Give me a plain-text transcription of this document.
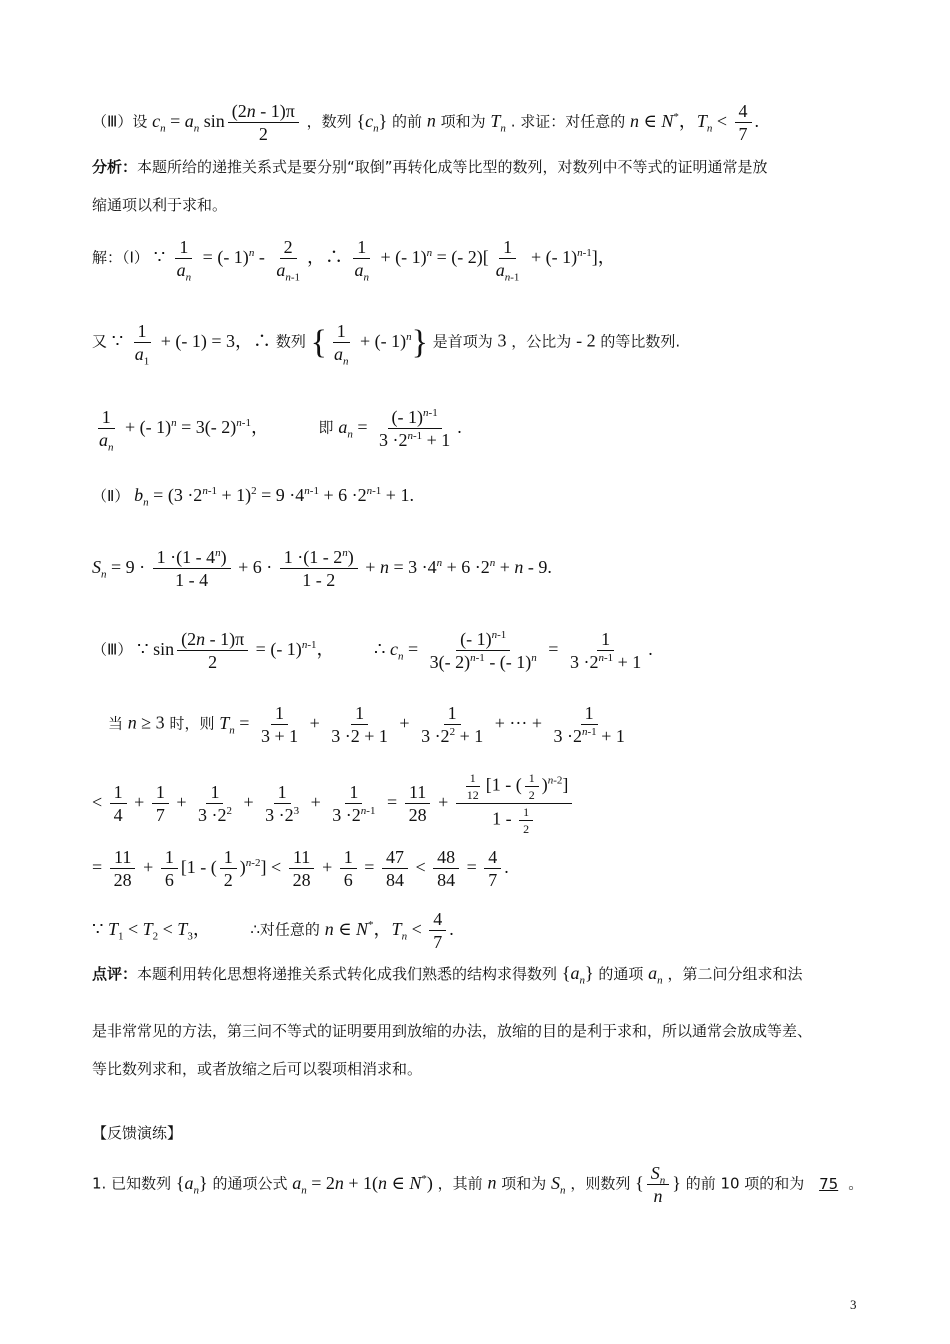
（Ⅲ）设 $c_n = a_n$ $\sin \frac{(2n - 1)\pi}{2}$ ，数列 $\{c_n\}$ 的前 n 项和为 $T_n$ . 求证：对任意的 n ∈ N*，$T_n < \frac{4}{7}$ .
分析：本题所给的递推关系式是要分别“取倒”再转化成等比型的数列，对数列中不等式的证明通常是放
缩通项以利于求和。
解：（Ⅰ） ∵ $\frac{1}{a_n}$ = (- $1)^n - \frac{2}{a_{n-1}}$ ，∴ $\frac{1}{a_n}$ + (- 1)$^n$ = (- $2)[ \frac{1}{a_{n-1}}$ + (- 1)$^{n-1}$]，
又 ∵ $\frac{1}{a_1}$ + (- 1) = 3，∴ 数列 { $\frac{1}{a_n}$ + (- 1)$^n$} 是首项为 3 ，公比为 - 2 的等比数列.
$\frac{1}{a_n}$ + (- 1)$^n$ = 3(- 2)$^{n-1}$，	即 $a_n = \frac{(- 1)^{n-1}}{3 \cdot 2^{n-1} + 1}$ .
（Ⅱ） $b_n = (3 \cdot 2^{n-1} + 1)^2 = 9 \cdot 4^{n-1} + 6 \cdot 2^{n-1} + 1$.
$S_n = 9 \cdot \frac{1 \cdot(1 - 4^n)}{1 - 4} + 6 \cdot \frac{1 \cdot(1 - 2^n)}{1 - 2} + n = 3 \cdot 4^n + 6 \cdot 2^n + n - 9$.
（Ⅲ） ∵ $\sin \frac{(2n - 1)\pi}{2}$ = (- 1)$^{n-1}$， ∴ $c_n = \frac{(- 1)^{n-1}}{3(- 2)^{n-1} - (- 1)^n} = \frac{1}{3 \cdot 2^{n-1} + 1}$ .
当 n ≥ 3 时，则 $T_n = \frac{1}{3 + 1} + \frac{1}{3 \cdot 2 + 1} + \frac{1}{3 \cdot 2^2 + 1}$ + ··· + $\frac{1}{3 \cdot 2^{n-1} + 1}$
< $\frac{1}{4} + \frac{1}{7} + \frac{1}{3 \cdot 2^2} + \frac{1}{3 \cdot 2^3} + \frac{1}{3 \cdot 2^{n-1}} = \frac{11}{28} + \frac{\frac{1}{12} [1 - ( \frac{1}{2} )^{n-2}]}{1 - \frac{1}{2}}$
= $\frac{11}{28} + \frac{1}{6} [1$ - ( $\frac{1}{2} )^{n-2}] < \frac{11}{28} + \frac{1}{6} = \frac{47}{84} < \frac{48}{84} = \frac{4}{7}$ .
∵ $T_1 < T_2 < T_3$，	∴对任意的 n ∈ N*，$T_n < \frac{4}{7}$ .
点评：本题利用转化思想将递推关系式转化成我们熟悉的结构求得数列 $\{a_n\}$ 的通项 $a_n$ ，第二问分组求和法
是非常常见的方法，第三问不等式的证明要用到放缩的办法，放缩的目的是利于求和，所以通常会放成等差、
等比数列求和，或者放缩之后可以裂项相消求和。
【反馈演练】
1. 已知数列 $\{a_n\}$ 的通项公式 $a_n = 2n + 1(n$ ∈ N*) ，其前 n 项和为 $S_n$ ，则数列 { $\frac{S_n}{n}$ } 的前 10 项的和为 75 。
3
